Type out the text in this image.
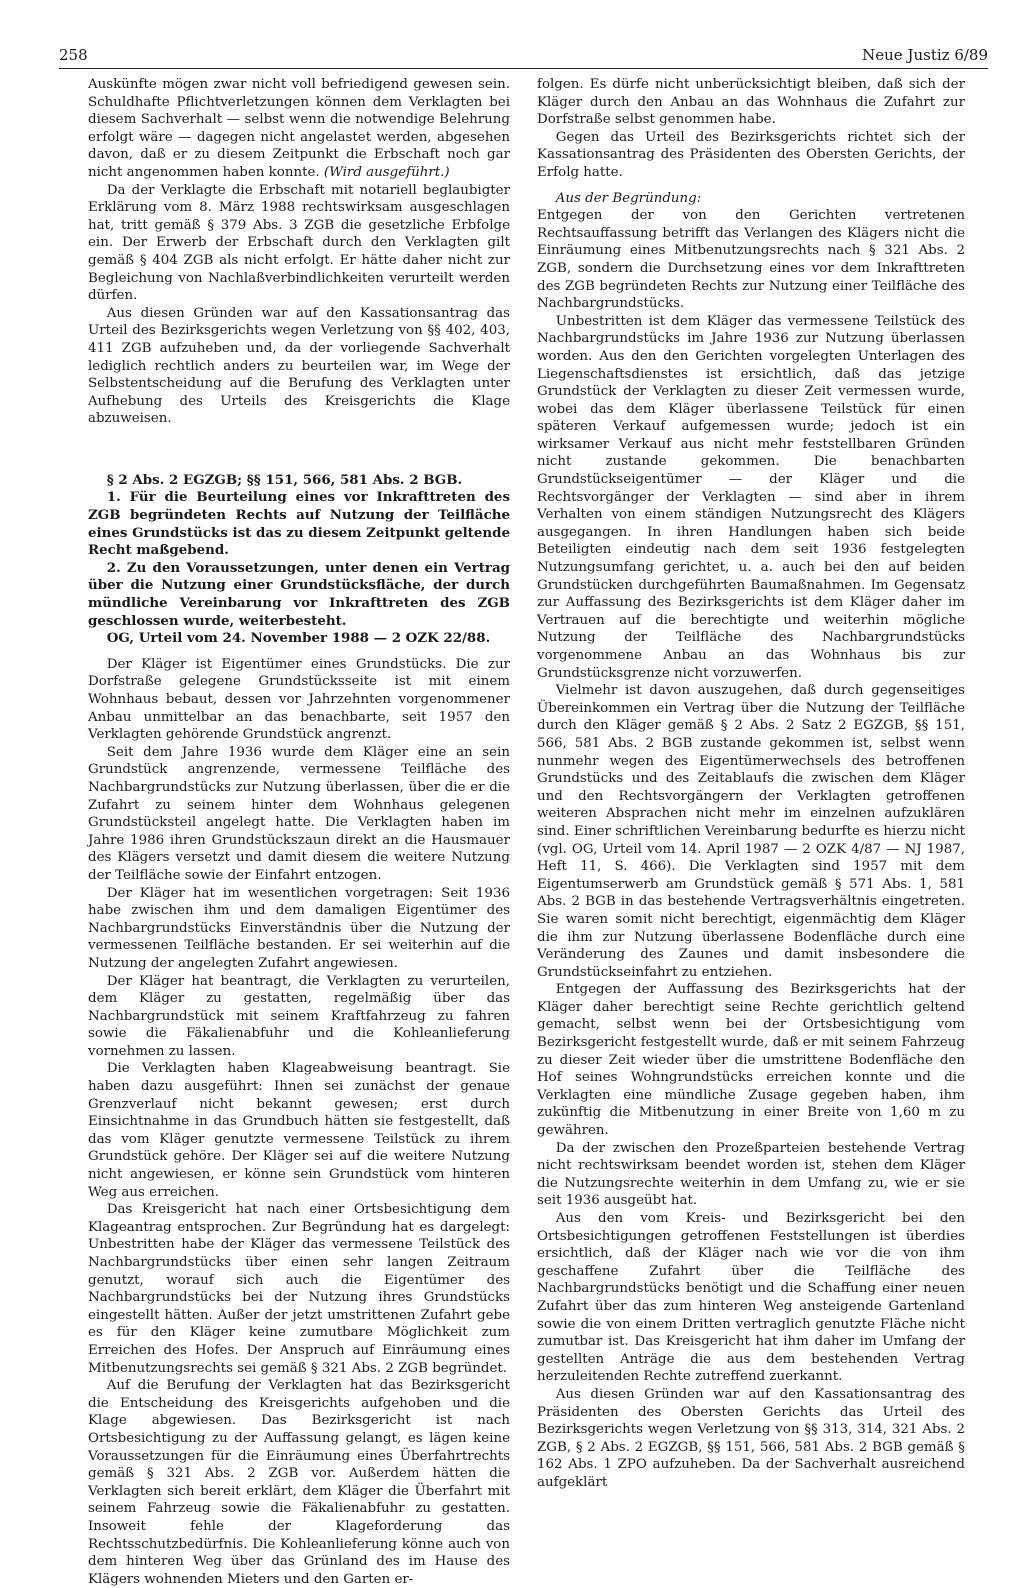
258	Neue Justiz 6/89

Auskünfte mögen zwar nicht voll befriedigend gewesen sein. Schuldhafte Pflichtverletzungen können dem Verklagten bei diesem Sachverhalt — selbst wenn die notwendige Belehrung erfolgt wäre — dagegen nicht angelastet werden, abgesehen davon, daß er zu diesem Zeitpunkt die Erbschaft noch gar nicht angenommen haben konnte. (Wird ausgeführt.)

Da der Verklagte die Erbschaft mit notariell beglaubigter Erklärung vom 8. März 1988 rechtswirksam ausgeschlagen hat, tritt gemäß § 379 Abs. 3 ZGB die gesetzliche Erbfolge ein. Der Erwerb der Erbschaft durch den Verklagten gilt gemäß § 404 ZGB als nicht erfolgt. Er hätte daher nicht zur Begleichung von Nachlaßverbindlichkeiten verurteilt werden dürfen.

Aus diesen Gründen war auf den Kassationsantrag das Urteil des Bezirksgerichts wegen Verletzung von §§ 402, 403, 411 ZGB aufzuheben und, da der vorliegende Sachverhalt lediglich rechtlich anders zu beurteilen war, im Wege der Selbstentscheidung auf die Berufung des Verklagten unter Aufhebung des Urteils des Kreisgerichts die Klage abzuweisen.

§ 2 Abs. 2 EGZGB; §§ 151, 566, 581 Abs. 2 BGB.

1. Für die Beurteilung eines vor Inkrafttreten des ZGB begründeten Rechts auf Nutzung der Teilfläche eines Grundstücks ist das zu diesem Zeitpunkt geltende Recht maßgebend.

2. Zu den Voraussetzungen, unter denen ein Vertrag über die Nutzung einer Grundstücksfläche, der durch mündliche Vereinbarung vor Inkrafttreten des ZGB geschlossen wurde, weiterbesteht.

OG, Urteil vom 24. November 1988 — 2 OZK 22/88.

Der Kläger ist Eigentümer eines Grundstücks. Die zur Dorfstraße gelegene Grundstücksseite ist mit einem Wohnhaus bebaut, dessen vor Jahrzehnten vorgenommener Anbau unmittelbar an das benachbarte, seit 1957 den Verklagten gehörende Grundstück angrenzt.

Seit dem Jahre 1936 wurde dem Kläger eine an sein Grundstück angrenzende, vermessene Teilfläche des Nachbargrundstücks zur Nutzung überlassen, über die er die Zufahrt zu seinem hinter dem Wohnhaus gelegenen Grundstücksteil angelegt hatte. Die Verklagten haben im Jahre 1986 ihren Grundstückszaun direkt an die Hausmauer des Klägers versetzt und damit diesem die weitere Nutzung der Teilfläche sowie der Einfahrt entzogen.

Der Kläger hat im wesentlichen vorgetragen: Seit 1936 habe zwischen ihm und dem damaligen Eigentümer des Nachbargrundstücks Einverständnis über die Nutzung der vermessenen Teilfläche bestanden. Er sei weiterhin auf die Nutzung der angelegten Zufahrt angewiesen.

Der Kläger hat beantragt, die Verklagten zu verurteilen, dem Kläger zu gestatten, regelmäßig über das Nachbargrundstück mit seinem Kraftfahrzeug zu fahren sowie die Fäkalienabfuhr und die Kohleanlieferung vornehmen zu lassen.

Die Verklagten haben Klageabweisung beantragt. Sie haben dazu ausgeführt: Ihnen sei zunächst der genaue Grenzverlauf nicht bekannt gewesen; erst durch Einsichtnahme in das Grundbuch hätten sie festgestellt, daß das vom Kläger genutzte vermessene Teilstück zu ihrem Grundstück gehöre. Der Kläger sei auf die weitere Nutzung nicht angewiesen, er könne sein Grundstück vom hinteren Weg aus erreichen.

Das Kreisgericht hat nach einer Ortsbesichtigung dem Klageantrag entsprochen. Zur Begründung hat es dargelegt: Unbestritten habe der Kläger das vermessene Teilstück des Nachbargrundstücks über einen sehr langen Zeitraum genutzt, worauf sich auch die Eigentümer des Nachbargrundstücks bei der Nutzung ihres Grundstücks eingestellt hätten. Außer der jetzt umstrittenen Zufahrt gebe es für den Kläger keine zumutbare Möglichkeit zum Erreichen des Hofes. Der Anspruch auf Einräumung eines Mitbenutzungsrechts sei gemäß § 321 Abs. 2 ZGB begründet.

Auf die Berufung der Verklagten hat das Bezirksgericht die Entscheidung des Kreisgerichts aufgehoben und die Klage abgewiesen. Das Bezirksgericht ist nach Ortsbesichtigung zu der Auffassung gelangt, es lägen keine Voraussetzungen für die Einräumung eines Überfahrtrechts gemäß § 321 Abs. 2 ZGB vor. Außerdem hätten die Verklagten sich bereit erklärt, dem Kläger die Überfahrt mit seinem Fahrzeug sowie die Fäkalienabfuhr zu gestatten. Insoweit fehle der Klageforderung das Rechtsschutzbedürfnis. Die Kohleanlieferung könne auch von dem hinteren Weg über das Grünland des im Hause des Klägers wohnenden Mieters und den Garten er-

folgen. Es dürfe nicht unberücksichtigt bleiben, daß sich der Kläger durch den Anbau an das Wohnhaus die Zufahrt zur Dorfstraße selbst genommen habe.

Gegen das Urteil des Bezirksgerichts richtet sich der Kassationsantrag des Präsidenten des Obersten Gerichts, der Erfolg hatte.

Aus der Begründung:

Entgegen der von den Gerichten vertretenen Rechtsauffassung betrifft das Verlangen des Klägers nicht die Einräumung eines Mitbenutzungsrechts nach § 321 Abs. 2 ZGB, sondern die Durchsetzung eines vor dem Inkrafttreten des ZGB begründeten Rechts zur Nutzung einer Teilfläche des Nachbargrundstücks.

Unbestritten ist dem Kläger das vermessene Teilstück des Nachbargrundstücks im Jahre 1936 zur Nutzung überlassen worden. Aus den den Gerichten vorgelegten Unterlagen des Liegenschaftsdienstes ist ersichtlich, daß das jetzige Grundstück der Verklagten zu dieser Zeit vermessen wurde, wobei das dem Kläger überlassene Teilstück für einen späteren Verkauf aufgemessen wurde; jedoch ist ein wirksamer Verkauf aus nicht mehr feststellbaren Gründen nicht zustande gekommen. Die benachbarten Grundstückseigentümer — der Kläger und die Rechtsvorgänger der Verklagten — sind aber in ihrem Verhalten von einem ständigen Nutzungsrecht des Klägers ausgegangen. In ihren Handlungen haben sich beide Beteiligten eindeutig nach dem seit 1936 festgelegten Nutzungsumfang gerichtet, u. a. auch bei den auf beiden Grundstücken durchgeführten Baumaßnahmen. Im Gegensatz zur Auffassung des Bezirksgerichts ist dem Kläger daher im Vertrauen auf die berechtigte und weiterhin mögliche Nutzung der Teilfläche des Nachbargrundstücks vorgenommene Anbau an das Wohnhaus bis zur Grundstücksgrenze nicht vorzuwerfen.

Vielmehr ist davon auszugehen, daß durch gegenseitiges Übereinkommen ein Vertrag über die Nutzung der Teilfläche durch den Kläger gemäß § 2 Abs. 2 Satz 2 EGZGB, §§ 151, 566, 581 Abs. 2 BGB zustande gekommen ist, selbst wenn nunmehr wegen des Eigentümerwechsels des betroffenen Grundstücks und des Zeitablaufs die zwischen dem Kläger und den Rechtsvorgängern der Verklagten getroffenen weiteren Absprachen nicht mehr im einzelnen aufzuklären sind. Einer schriftlichen Vereinbarung bedurfte es hierzu nicht (vgl. OG, Urteil vom 14. April 1987 — 2 OZK 4/87 — NJ 1987, Heft 11, S. 466). Die Verklagten sind 1957 mit dem Eigentumserwerb am Grundstück gemäß § 571 Abs. 1, 581 Abs. 2 BGB in das bestehende Vertragsverhältnis eingetreten. Sie waren somit nicht berechtigt, eigenmächtig dem Kläger die ihm zur Nutzung überlassene Bodenfläche durch eine Veränderung des Zaunes und damit insbesondere die Grundstückseinfahrt zu entziehen.

Entgegen der Auffassung des Bezirksgerichts hat der Kläger daher berechtigt seine Rechte gerichtlich geltend gemacht, selbst wenn bei der Ortsbesichtigung vom Bezirksgericht festgestellt wurde, daß er mit seinem Fahrzeug zu dieser Zeit wieder über die umstrittene Bodenfläche den Hof seines Wohngrundstücks erreichen konnte und die Verklagten eine mündliche Zusage gegeben haben, ihm zukünftig die Mitbenutzung in einer Breite von 1,60 m zu gewähren.

Da der zwischen den Prozeßparteien bestehende Vertrag nicht rechtswirksam beendet worden ist, stehen dem Kläger die Nutzungsrechte weiterhin in dem Umfang zu, wie er sie seit 1936 ausgeübt hat.

Aus den vom Kreis- und Bezirksgericht bei den Ortsbesichtigungen getroffenen Feststellungen ist überdies ersichtlich, daß der Kläger nach wie vor die von ihm geschaffene Zufahrt über die Teilfläche des Nachbargrundstücks benötigt und die Schaffung einer neuen Zufahrt über das zum hinteren Weg ansteigende Gartenland sowie die von einem Dritten vertraglich genutzte Fläche nicht zumutbar ist. Das Kreisgericht hat ihm daher im Umfang der gestellten Anträge die aus dem bestehenden Vertrag herzuleitenden Rechte zutreffend zuerkannt.

Aus diesen Gründen war auf den Kassationsantrag des Präsidenten des Obersten Gerichts das Urteil des Bezirksgerichts wegen Verletzung von §§ 313, 314, 321 Abs. 2 ZGB, § 2 Abs. 2 EGZGB, §§ 151, 566, 581 Abs. 2 BGB gemäß § 162 Abs. 1 ZPO aufzuheben. Da der Sachverhalt ausreichend aufgeklärt
